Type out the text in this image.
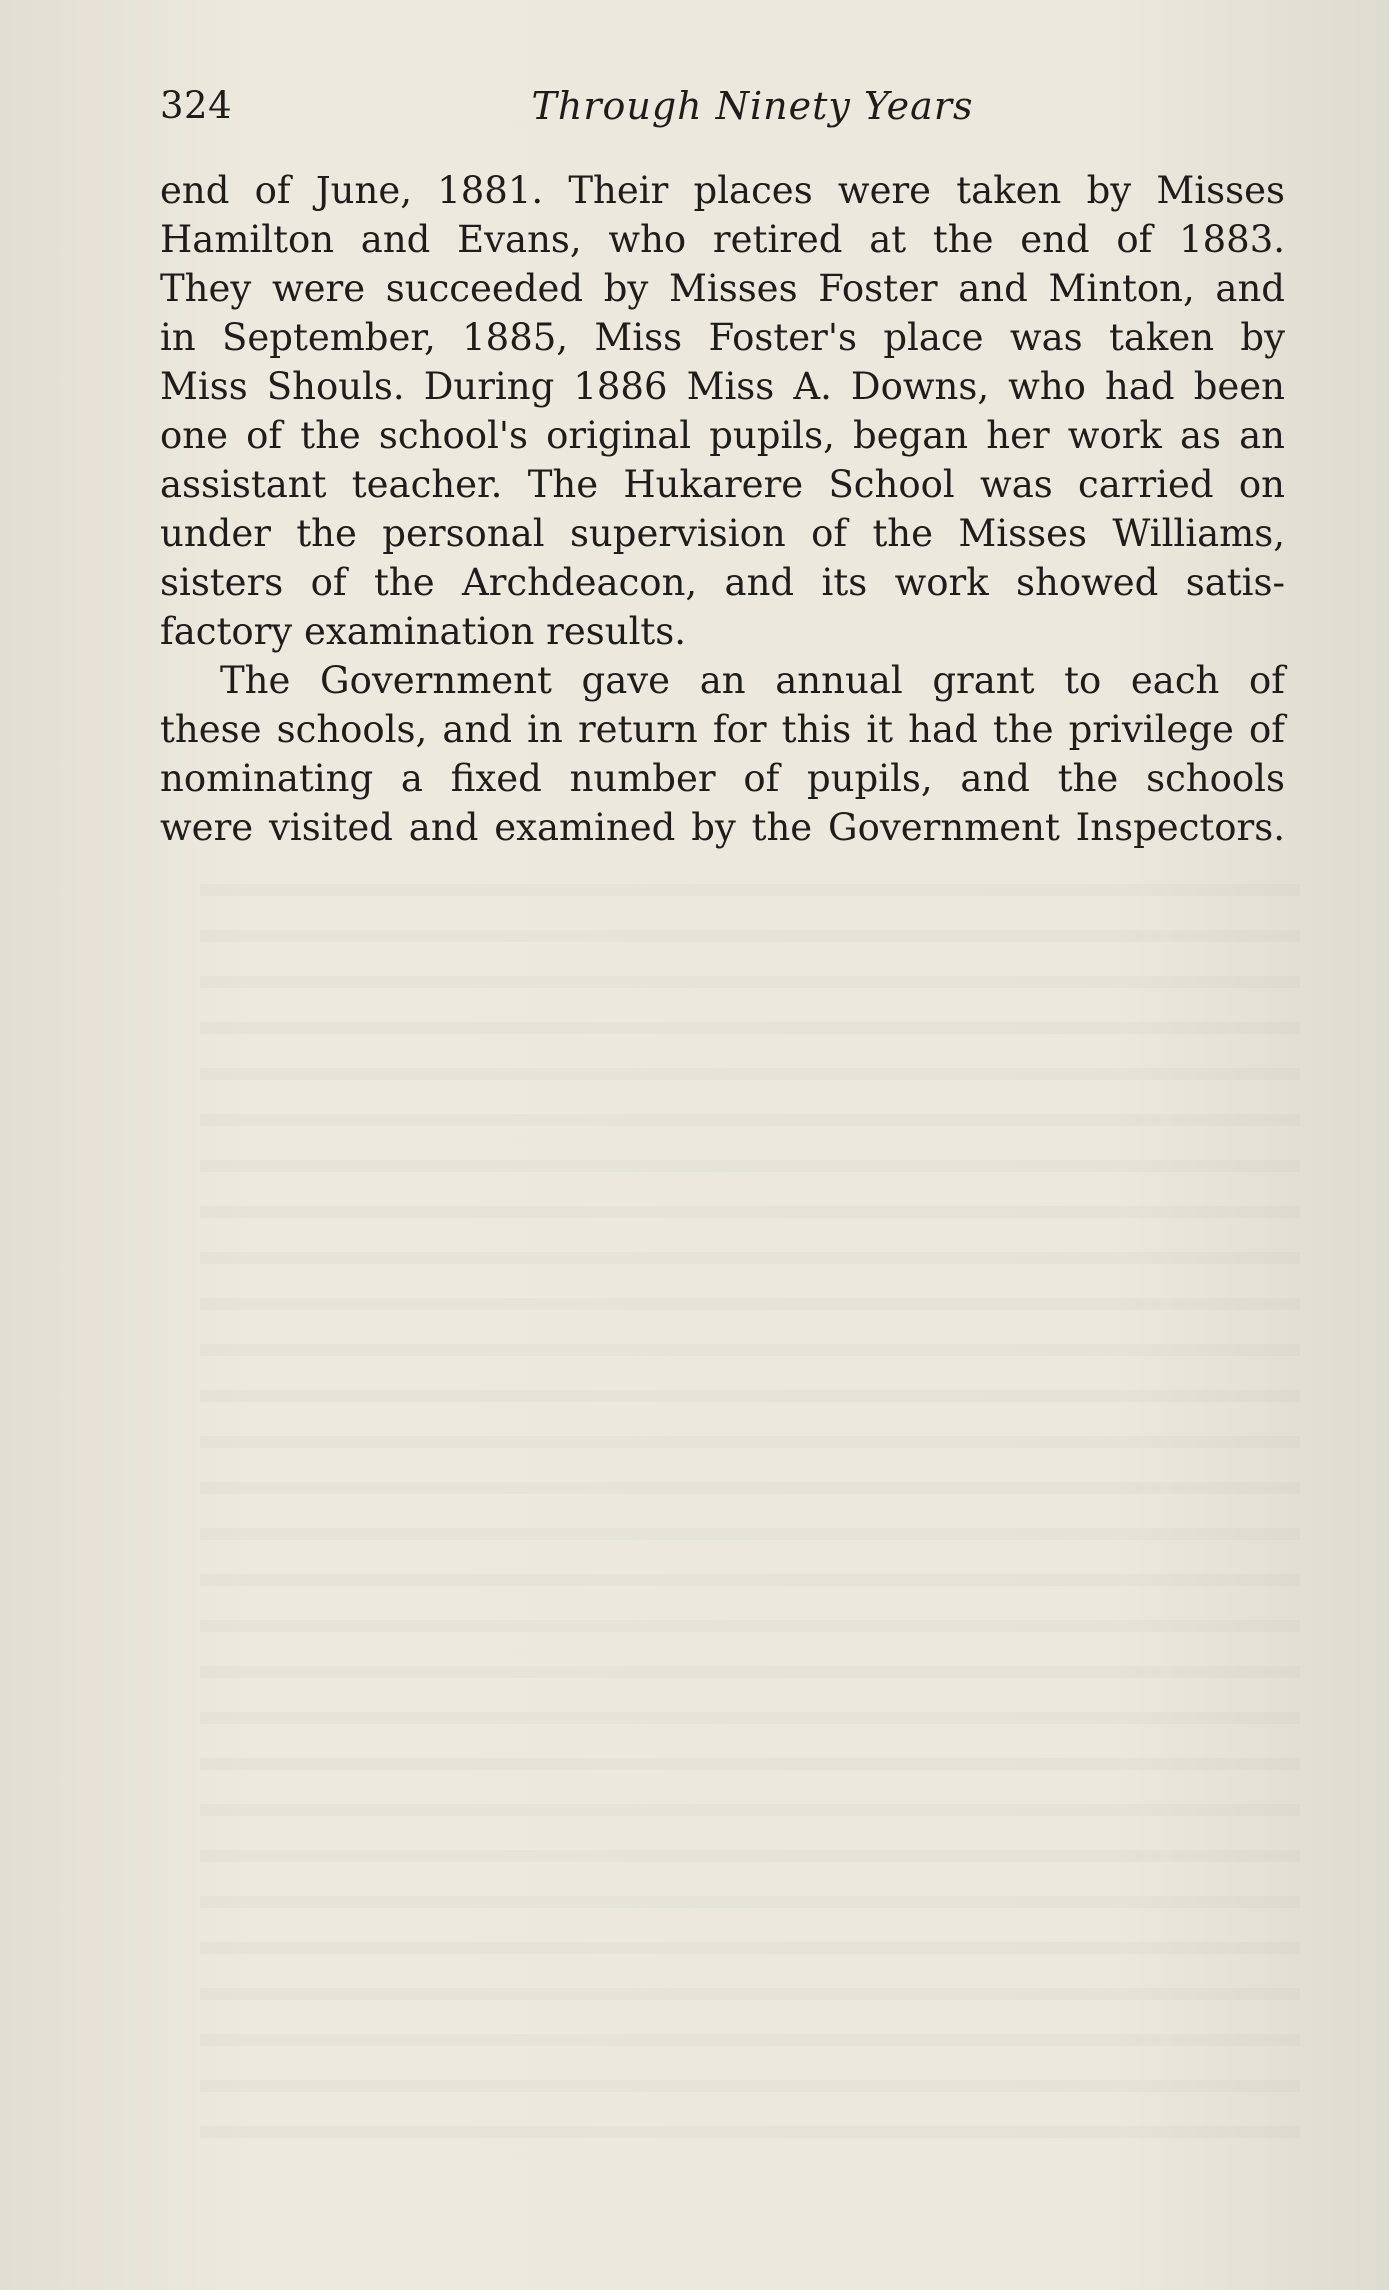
324	Through Ninety Years
end of June, 1881. Their places were taken by Misses
Hamilton and Evans, who retired at the end of 1883.
They were succeeded by Misses Foster and Minton, and
in September, 1885, Miss Foster's place was taken by
Miss Shouls. During 1886 Miss A. Downs, who had been
one of the school's original pupils, began her work as an
assistant teacher. The Hukarere School was carried on
under the personal supervision of the Misses Williams,
sisters of the Archdeacon, and its work showed satis-
factory examination results.
The Government gave an annual grant to each of
these schools, and in return for this it had the privilege of
nominating a fixed number of pupils, and the schools
were visited and examined by the Government Inspectors.
